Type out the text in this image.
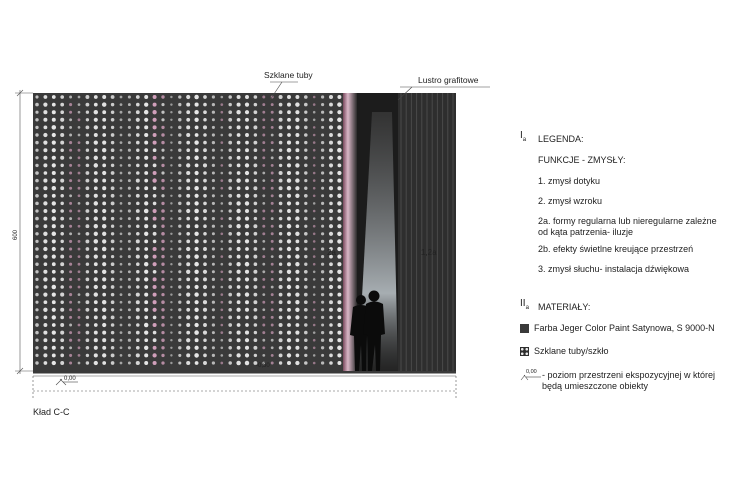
2a	1,2a
Szklane tuby	Lustro grafitowe
600
0,00
-0,30
Kład C-C
$I_a$ LEGENDA:
FUNKCJE - ZMYSŁY:
1. zmysł dotyku
2. zmysł wzroku
2a. formy regularna lub nieregularne zależne od kąta patrzenia- iluzje
2b. efekty świetlne kreujące przestrzeń
3. zmysł słuchu- instalacja dźwiękowa
$II_a$ MATERIAŁY:
Farba Jeger Color Paint Satynowa, S 9000-N
Szklane tuby/szkło
0,00 - poziom przestrzeni ekspozycyjnej w której będą umieszczone obiekty
